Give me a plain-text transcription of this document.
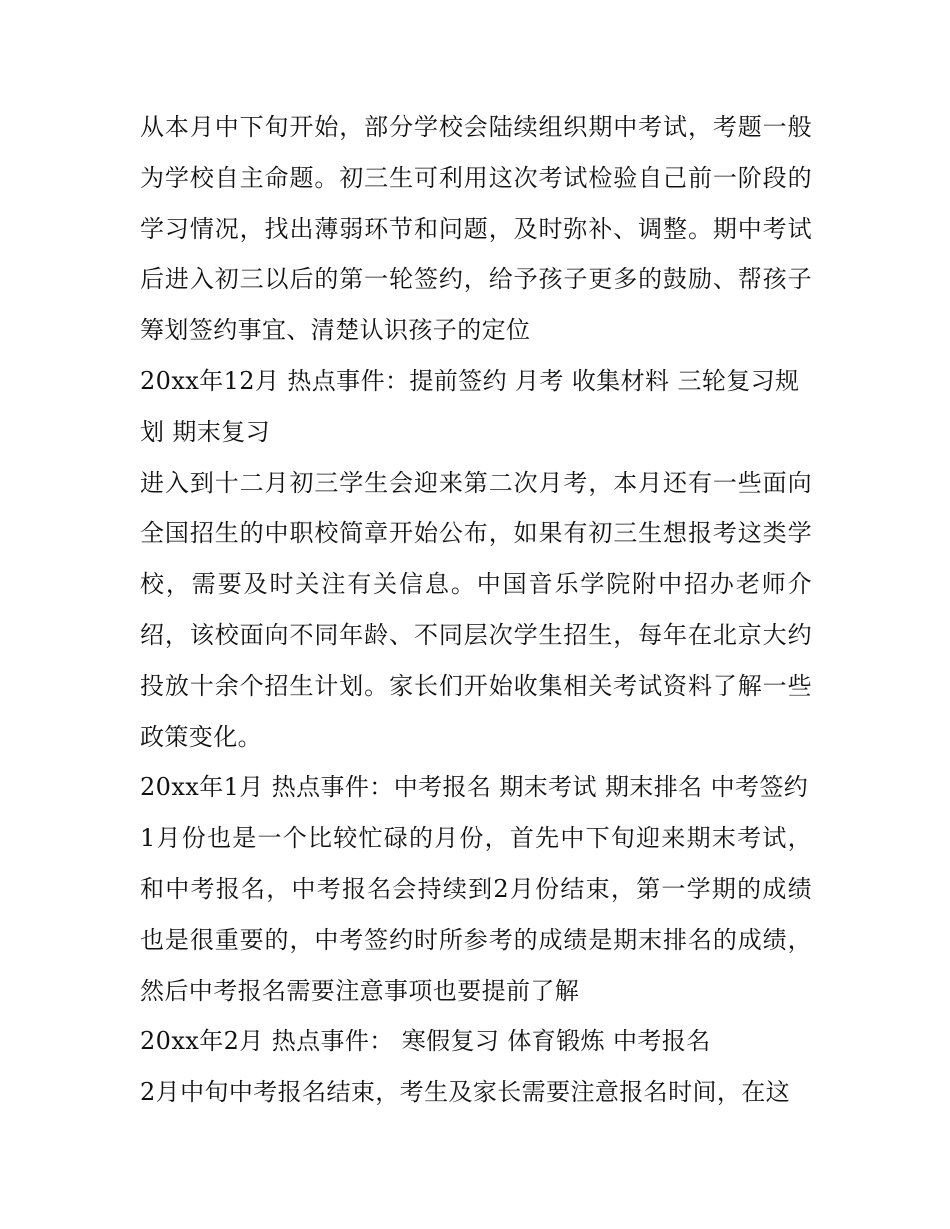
从本月中下旬开始，部分学校会陆续组织期中考试，考题一般为学校自主命题。初三生可利用这次考试检验自己前一阶段的学习情况，找出薄弱环节和问题，及时弥补、调整。期中考试后进入初三以后的第一轮签约，给予孩子更多的鼓励、帮孩子筹划签约事宜、清楚认识孩子的定位

20xx年12月 热点事件：提前签约 月考 收集材料 三轮复习规划 期末复习

进入到十二月初三学生会迎来第二次月考，本月还有一些面向全国招生的中职校简章开始公布，如果有初三生想报考这类学校，需要及时关注有关信息。中国音乐学院附中招办老师介绍，该校面向不同年龄、不同层次学生招生，每年在北京大约投放十余个招生计划。家长们开始收集相关考试资料了解一些政策变化。

20xx年1月 热点事件：中考报名 期末考试 期末排名 中考签约

1月份也是一个比较忙碌的月份，首先中下旬迎来期末考试，和中考报名，中考报名会持续到2月份结束，第一学期的成绩也是很重要的，中考签约时所参考的成绩是期末排名的成绩，然后中考报名需要注意事项也要提前了解

20xx年2月 热点事件： 寒假复习 体育锻炼 中考报名

2月中旬中考报名结束，考生及家长需要注意报名时间，在这
